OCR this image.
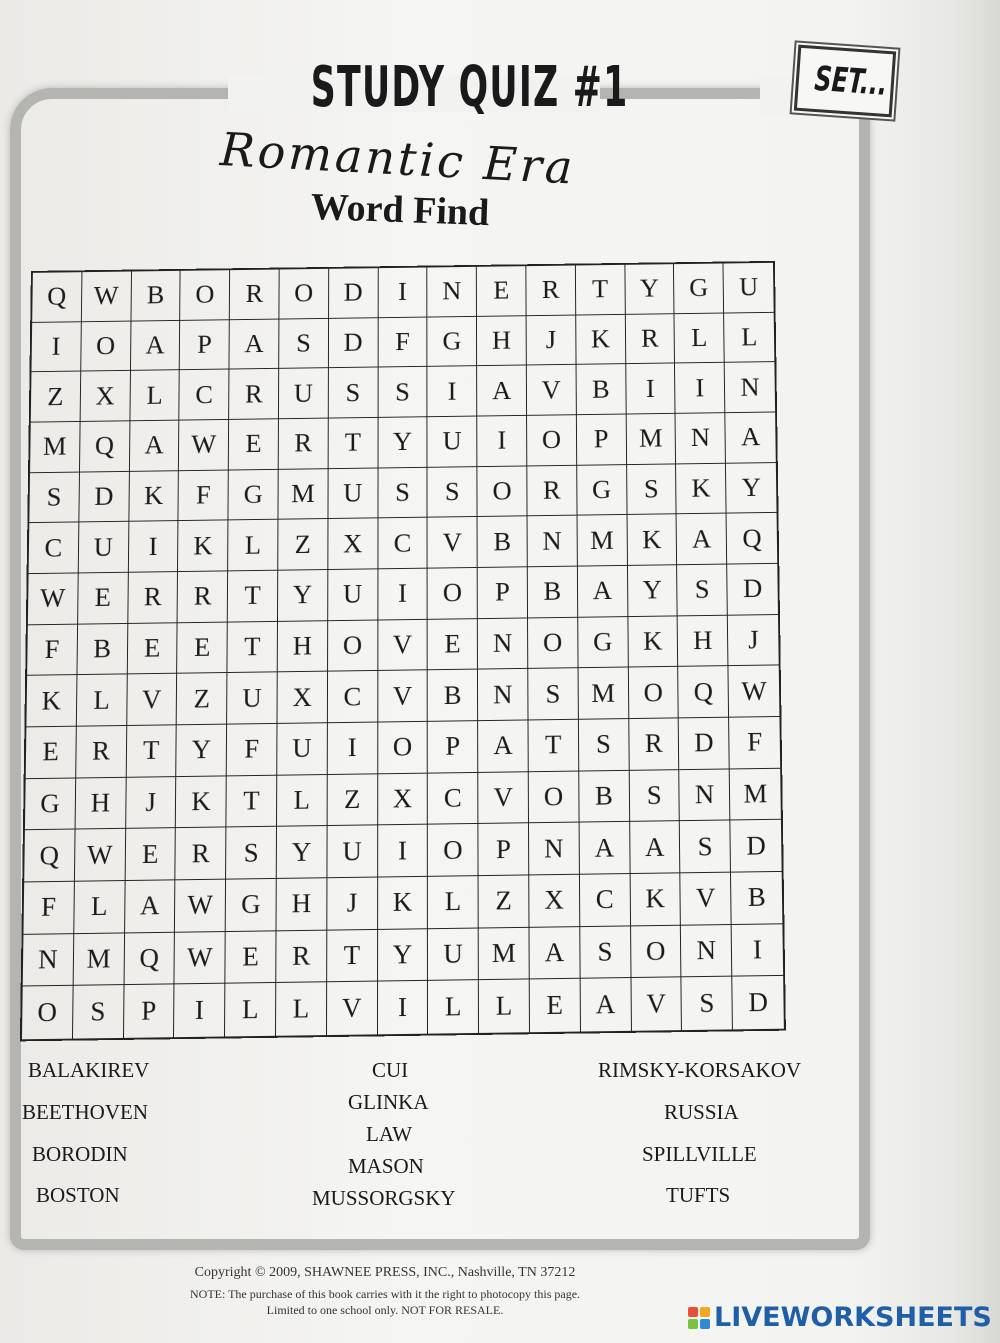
STUDY QUIZ #1	SET...
Romantic Era
Word Find
Q	W	B	O	R	O	D	I	N	E	R	T	Y	G	U
I	O	A	P	A	S	D	F	G	H	J	K	R	L	L
Z	X	L	C	R	U	S	S	I	A	V	B	I	I	N
M	Q	A	W	E	R	T	Y	U	I	O	P	M	N	A
S	D	K	F	G	M	U	S	S	O	R	G	S	K	Y
C	U	I	K	L	Z	X	C	V	B	N	M	K	A	Q
W	E	R	R	T	Y	U	I	O	P	B	A	Y	S	D
F	B	E	E	T	H	O	V	E	N	O	G	K	H	J
K	L	V	Z	U	X	C	V	B	N	S	M	O	Q	W
E	R	T	Y	F	U	I	O	P	A	T	S	R	D	F
G	H	J	K	T	L	Z	X	C	V	O	B	S	N	M
Q	W	E	R	S	Y	U	I	O	P	N	A	A	S	D
F	L	A	W	G	H	J	K	L	Z	X	C	K	V	B
N	M	Q	W	E	R	T	Y	U	M	A	S	O	N	I
O	S	P	I	L	L	V	I	L	L	E	A	V	S	D
BALAKIREV
BEETHOVEN
BORODIN
BOSTON
CUI
GLINKA
LAW
MASON
MUSSORGSKY
RIMSKY-KORSAKOV
RUSSIA
SPILLVILLE
TUFTS
Copyright © 2009, SHAWNEE PRESS, INC., Nashville, TN 37212
NOTE: The purchase of this book carries with it the right to photocopy this page.
Limited to one school only. NOT FOR RESALE.	LIVEWORKSHEETS
